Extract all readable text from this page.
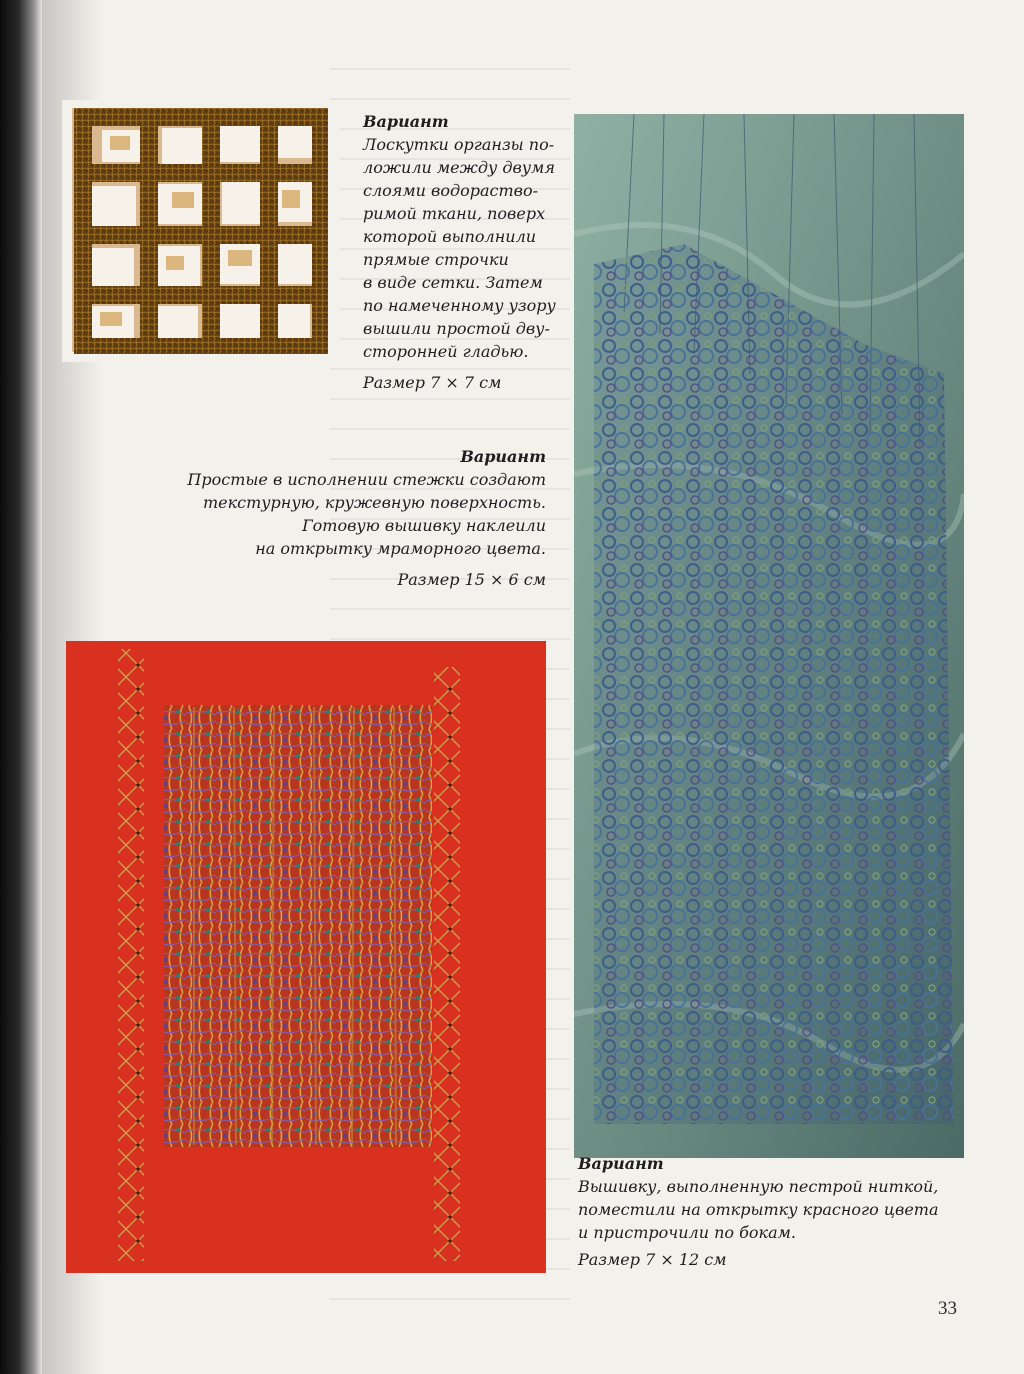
Вариант
Лоскутки органзы по-
ложили между двумя
слоями водораство-
римой ткани, поверх
которой выполнили
прямые строчки
в виде сетки. Затем
по намеченному узору
вышили простой дву-
сторонней гладью.
Размер 7 × 7 см
Вариант
Простые в исполнении стежки создают
текстурную, кружевную поверхность.
Готовую вышивку наклеили
на открытку мраморного цвета.
Размер 15 × 6 см
Вариант
Вышивку, выполненную пестрой ниткой,
поместили на открытку красного цвета
и пристрочили по бокам.
Размер 7 × 12 см
33
